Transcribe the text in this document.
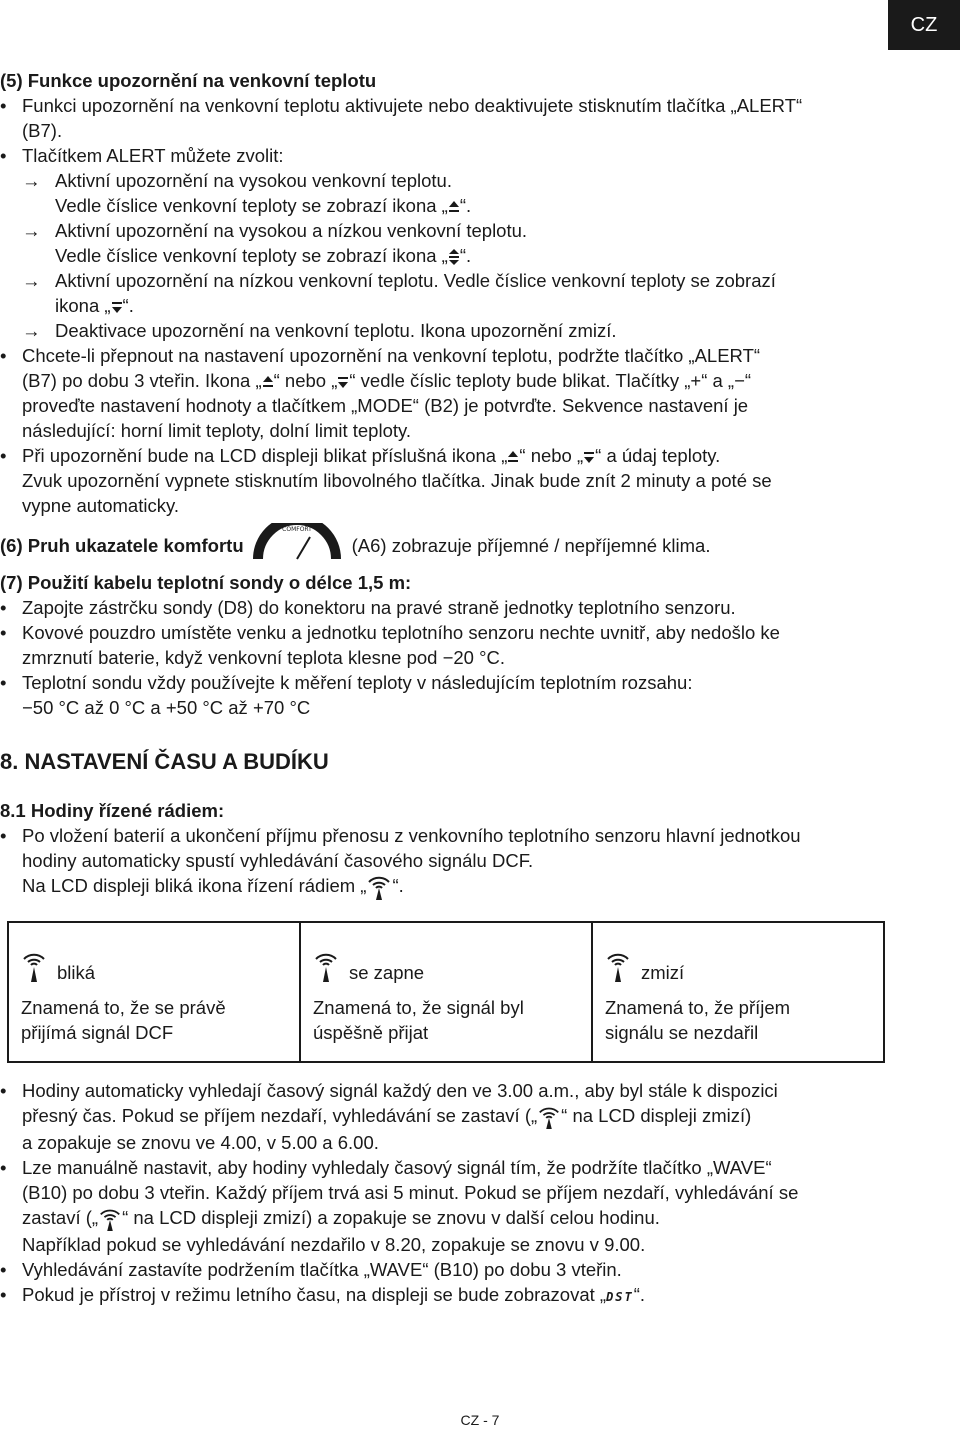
CZ

(5) Funkce upozornění na venkovní teplotu

• Funkci upozornění na venkovní teplotu aktivujete nebo deaktivujete stisknutím tlačítka „ALERT“ (B7).

• Tlačítkem ALERT můžete zvolit:

→ Aktivní upozornění na vysokou venkovní teplotu.

Vedle číslice venkovní teploty se zobrazí ikona „ “.

→ Aktivní upozornění na vysokou a nízkou venkovní teplotu.

Vedle číslice venkovní teploty se zobrazí ikona „ “.

→ Aktivní upozornění na nízkou venkovní teplotu. Vedle číslice venkovní teploty se zobrazí

ikona „ “.

→ Deaktivace upozornění na venkovní teplotu. Ikona upozornění zmizí.

• Chcete-li přepnout na nastavení upozornění na venkovní teplotu, podržte tlačítko „ALERT“

(B7) po dobu 3 vteřin. Ikona „ “ nebo „ “ vedle číslic teploty bude blikat. Tlačítky „+“ a „−“

proveďte nastavení hodnoty a tlačítkem „MODE“ (B2) je potvrďte. Sekvence nastavení je

následující: horní limit teploty, dolní limit teploty.

• Při upozornění bude na LCD displeji blikat příslušná ikona „ “ nebo „ “ a údaj teploty.

Zvuk upozornění vypnete stisknutím libovolného tlačítka. Jinak bude znít 2 minuty a poté se

vypne automaticky.

(6) Pruh ukazatele komfortu
COMFORT
(A6) zobrazuje příjemné / nepříjemné klima.

(7) Použití kabelu teplotní sondy o délce 1,5 m:

• Zapojte zástrčku sondy (D8) do konektoru na pravé straně jednotky teplotního senzoru.

• Kovové pouzdro umístěte venku a jednotku teplotního senzoru nechte uvnitř, aby nedošlo ke

zmrznutí baterie, když venkovní teplota klesne pod −20 °C.

• Teplotní sondu vždy používejte k měření teploty v následujícím teplotním rozsahu:

−50 °C až 0 °C a +50 °C až +70 °C

8. NASTAVENÍ ČASU A BUDÍKU

8.1 Hodiny řízené rádiem:

• Po vložení baterií a ukončení příjmu přenosu z venkovního teplotního senzoru hlavní jednotkou

hodiny automaticky spustí vyhledávání časového signálu DCF.

Na LCD displeji bliká ikona řízení rádiem „ “.

bliká
Znamená to, že se právě
přijímá signál DCF

se zapne
Znamená to, že signál byl
úspěšně přijat

zmizí
Znamená to, že příjem
signálu se nezdařil

• Hodiny automaticky vyhledají časový signál každý den ve 3.00 a.m., aby byl stále k dispozici

přesný čas. Pokud se příjem nezdaří, vyhledávání se zastaví („ “ na LCD displeji zmizí)

a zopakuje se znovu ve 4.00, v 5.00 a 6.00.

• Lze manuálně nastavit, aby hodiny vyhledaly časový signál tím, že podržíte tlačítko „WAVE“

(B10) po dobu 3 vteřin. Každý příjem trvá asi 5 minut. Pokud se příjem nezdaří, vyhledávání se

zastaví („ “ na LCD displeji zmizí) a zopakuje se znovu v další celou hodinu.

Například pokud se vyhledávání nezdařilo v 8.20, zopakuje se znovu v 9.00.

• Vyhledávání zastavíte podržením tlačítka „WAVE“ (B10) po dobu 3 vteřin.

• Pokud je přístroj v režimu letního času, na displeji se bude zobrazovat „DST“.

CZ - 7
